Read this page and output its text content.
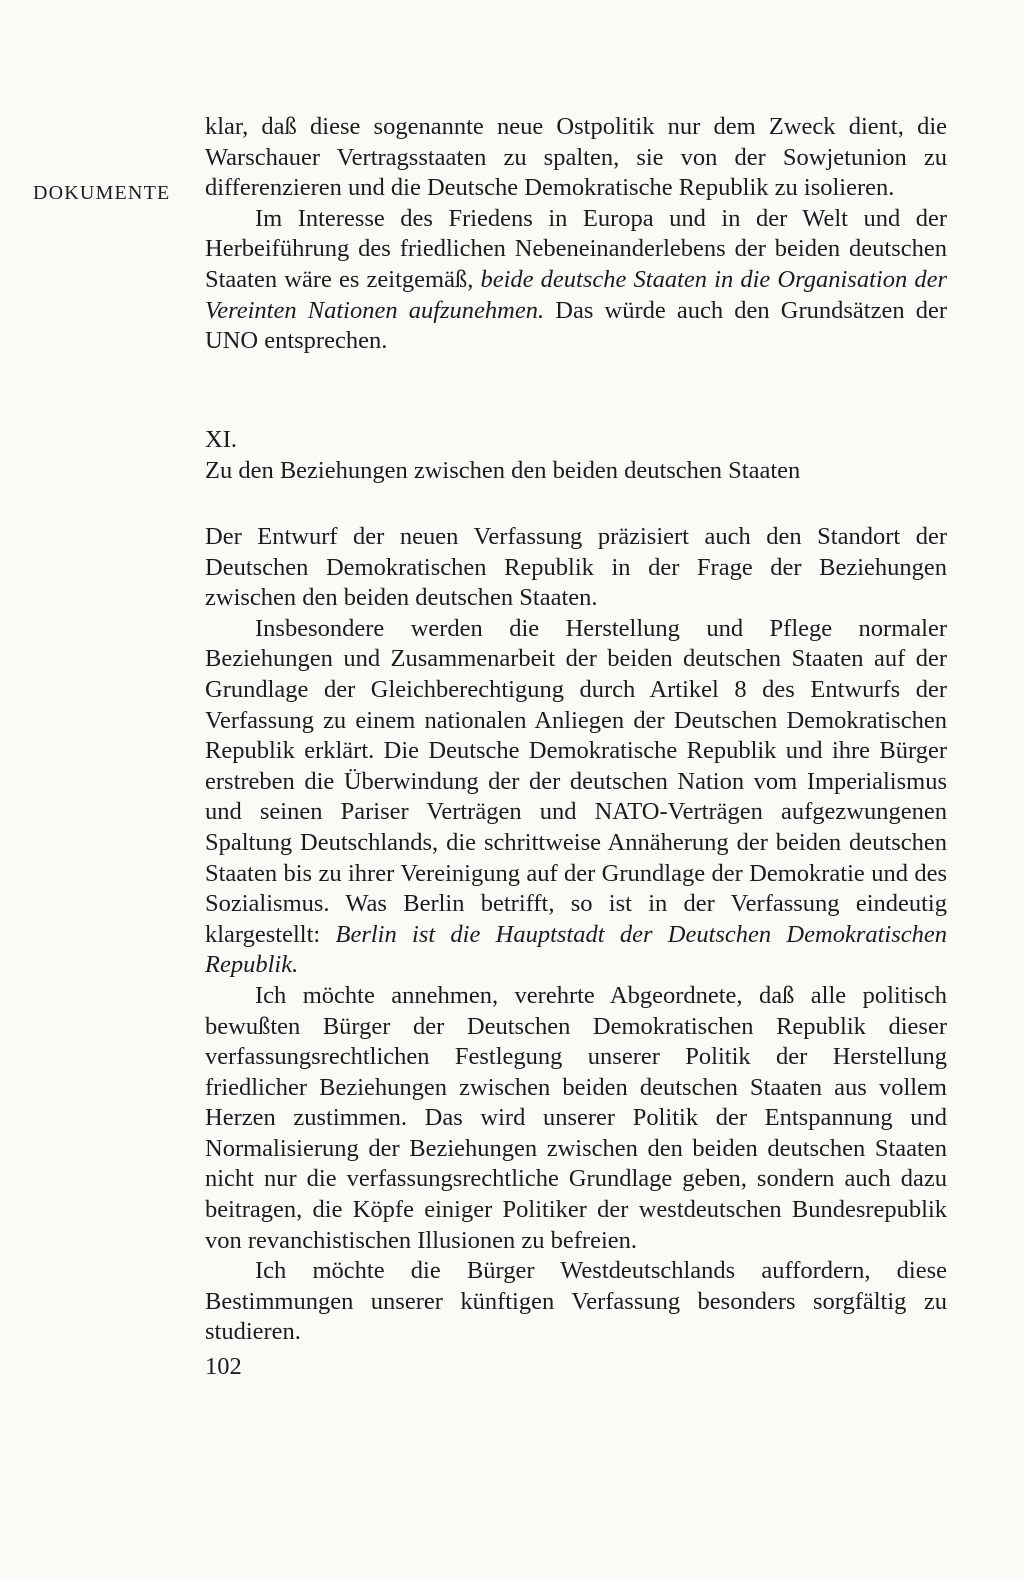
DOKUMENTE

klar, daß diese sogenannte neue Ostpolitik nur dem Zweck dient, die Warschauer Vertragsstaaten zu spalten, sie von der Sowjetunion zu differenzieren und die Deutsche Demokratische Republik zu isolieren.

Im Interesse des Friedens in Europa und in der Welt und der Herbeiführung des friedlichen Nebeneinanderlebens der beiden deutschen Staaten wäre es zeitgemäß, beide deutsche Staaten in die Organisation der Vereinten Nationen aufzunehmen. Das würde auch den Grundsätzen der UNO entsprechen.

XI.
Zu den Beziehungen zwischen den beiden deutschen Staaten

Der Entwurf der neuen Verfassung präzisiert auch den Standort der Deutschen Demokratischen Republik in der Frage der Beziehungen zwischen den beiden deutschen Staaten.

Insbesondere werden die Herstellung und Pflege normaler Beziehungen und Zusammenarbeit der beiden deutschen Staaten auf der Grundlage der Gleichberechtigung durch Artikel 8 des Entwurfs der Verfassung zu einem nationalen Anliegen der Deutschen Demokratischen Republik erklärt. Die Deutsche Demokratische Republik und ihre Bürger erstreben die Überwindung der der deutschen Nation vom Imperialismus und seinen Pariser Verträgen und NATO-Verträgen aufgezwungenen Spaltung Deutschlands, die schrittweise Annäherung der beiden deutschen Staaten bis zu ihrer Vereinigung auf der Grundlage der Demokratie und des Sozialismus. Was Berlin betrifft, so ist in der Verfassung eindeutig klargestellt: Berlin ist die Hauptstadt der Deutschen Demokratischen Republik.

Ich möchte annehmen, verehrte Abgeordnete, daß alle politisch bewußten Bürger der Deutschen Demokratischen Republik dieser verfassungsrechtlichen Festlegung unserer Politik der Herstellung friedlicher Beziehungen zwischen beiden deutschen Staaten aus vollem Herzen zustimmen. Das wird unserer Politik der Entspannung und Normalisierung der Beziehungen zwischen den beiden deutschen Staaten nicht nur die verfassungsrechtliche Grundlage geben, sondern auch dazu beitragen, die Köpfe einiger Politiker der westdeutschen Bundesrepublik von revanchistischen Illusionen zu befreien.

Ich möchte die Bürger Westdeutschlands auffordern, diese Bestimmungen unserer künftigen Verfassung besonders sorgfältig zu studieren.

102
